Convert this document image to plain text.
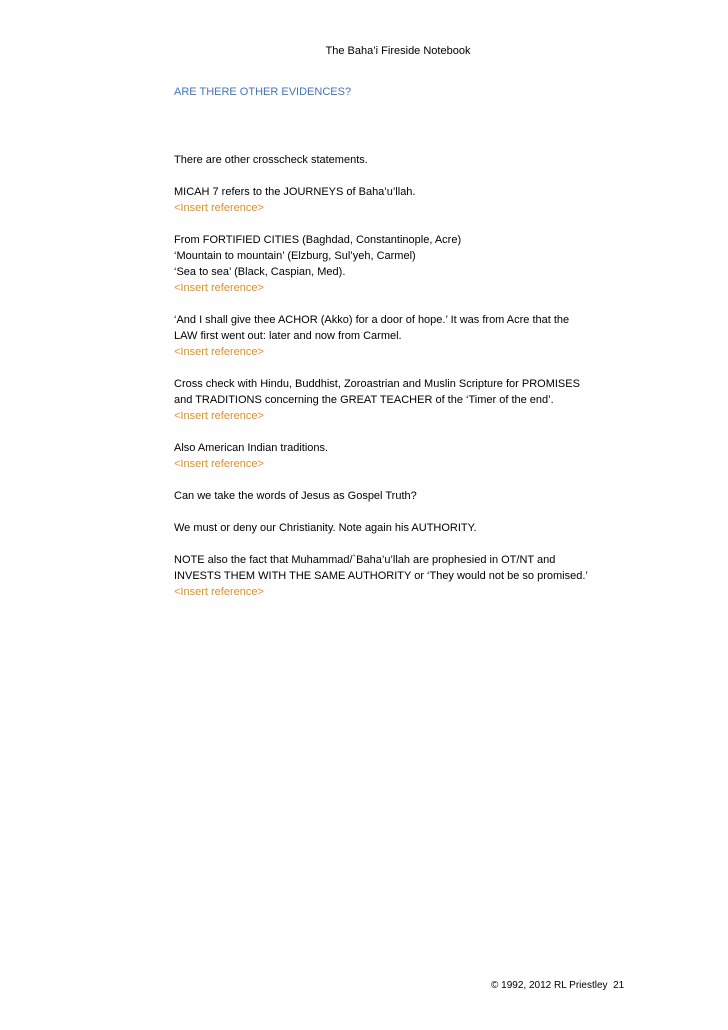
The Baha’i Fireside Notebook
ARE THERE OTHER EVIDENCES?

There are other crosscheck statements.

MICAH 7 refers to the JOURNEYS of Baha’u’llah.
<Insert reference>

From FORTIFIED CITIES (Baghdad, Constantinople, Acre)
‘Mountain to mountain’ (Elzburg, Sul’yeh, Carmel)
‘Sea to sea’ (Black, Caspian, Med).
<Insert reference>

‘And I shall give thee ACHOR (Akko) for a door of hope.’ It was from Acre that the
LAW first went out: later and now from Carmel.
<Insert reference>

Cross check with Hindu, Buddhist, Zoroastrian and Muslin Scripture for PROMISES
and TRADITIONS concerning the GREAT TEACHER of the ‘Timer of the end’.
<Insert reference>

Also American Indian traditions.
<Insert reference>

Can we take the words of Jesus as Gospel Truth?

We must or deny our Christianity. Note again his AUTHORITY.

NOTE also the fact that Muhammad/`Baha’u’llah are prophesied in OT/NT and
INVESTS THEM WITH THE SAME AUTHORITY or ‘They would not be so promised.’
<Insert reference>

© 1992, 2012 RL Priestley 21
